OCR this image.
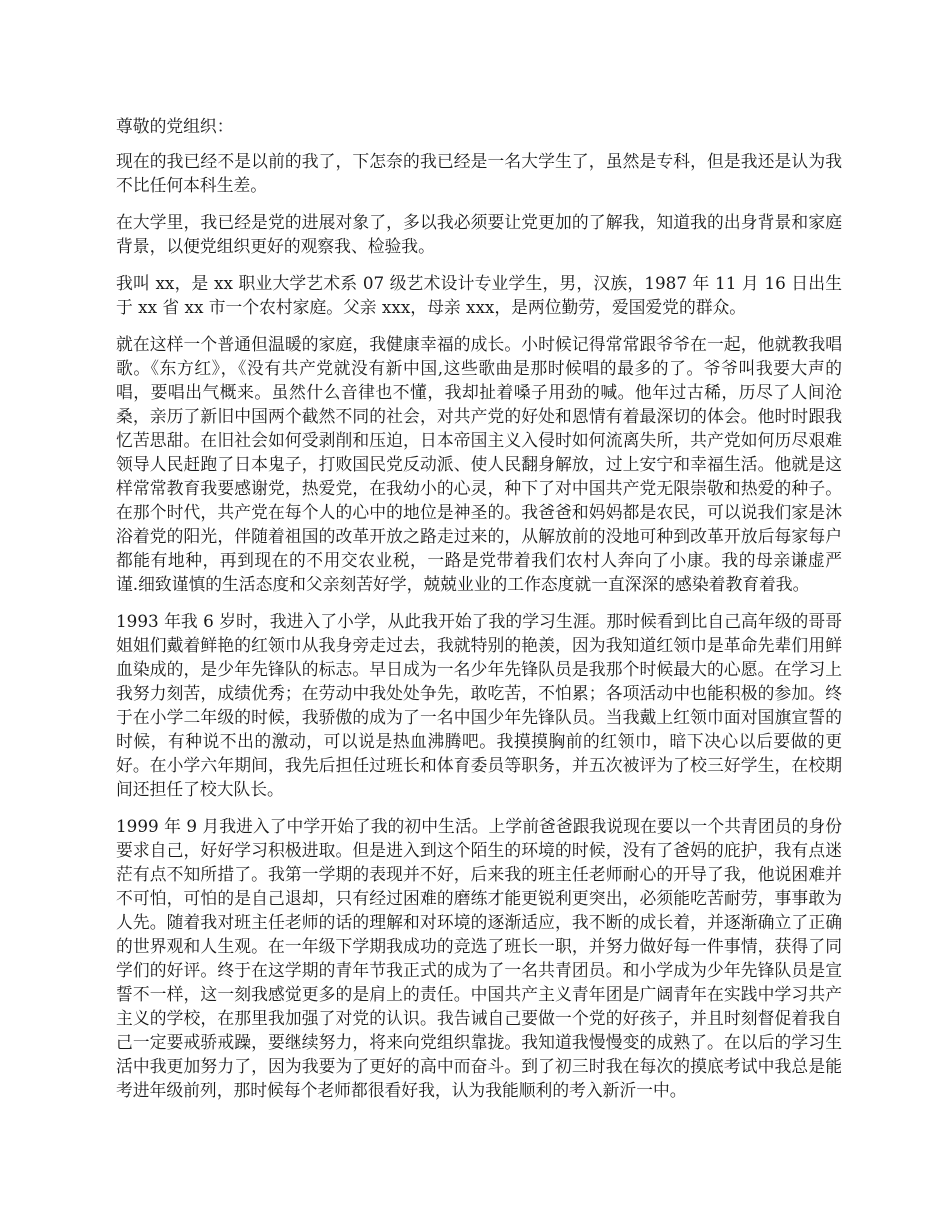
尊敬的党组织：

现在的我已经不是以前的我了，下怎奈的我已经是一名大学生了，虽然是专科，但是我还是认为我不比任何本科生差。

在大学里，我已经是党的进展对象了，多以我必须要让党更加的了解我，知道我的出身背景和家庭背景，以便党组织更好的观察我、检验我。

我叫 xx，是 xx 职业大学艺术系 07 级艺术设计专业学生，男，汉族，1987 年 11 月 16 日出生于 xx 省 xx 市一个农村家庭。父亲 xxx，母亲 xxx，是两位勤劳，爱国爱党的群众。

就在这样一个普通但温暖的家庭，我健康幸福的成长。小时候记得常常跟爷爷在一起，他就教我唱歌。《东方红》，《没有共产党就没有新中国,这些歌曲是那时候唱的最多的了。爷爷叫我要大声的唱，要唱出气概来。虽然什么音律也不懂，我却扯着嗓子用劲的喊。他年过古稀，历尽了人间沧桑，亲历了新旧中国两个截然不同的社会，对共产党的好处和恩情有着最深切的体会。他时时跟我忆苦思甜。在旧社会如何受剥削和压迫，日本帝国主义入侵时如何流离失所，共产党如何历尽艰难领导人民赶跑了日本鬼子，打败国民党反动派、使人民翻身解放，过上安宁和幸福生活。他就是这样常常教育我要感谢党，热爱党，在我幼小的心灵，种下了对中国共产党无限崇敬和热爱的种子。在那个时代，共产党在每个人的心中的地位是神圣的。我爸爸和妈妈都是农民，可以说我们家是沐浴着党的阳光，伴随着祖国的改革开放之路走过来的，从解放前的没地可种到改革开放后每家每户都能有地种，再到现在的不用交农业税，一路是党带着我们农村人奔向了小康。我的母亲谦虚严谨.细致谨慎的生活态度和父亲刻苦好学，兢兢业业的工作态度就一直深深的感染着教育着我。

1993 年我 6 岁时，我进入了小学，从此我开始了我的学习生涯。那时候看到比自己高年级的哥哥姐姐们戴着鲜艳的红领巾从我身旁走过去，我就特别的艳羡，因为我知道红领巾是革命先辈们用鲜血染成的，是少年先锋队的标志。早日成为一名少年先锋队员是我那个时候最大的心愿。在学习上我努力刻苦，成绩优秀；在劳动中我处处争先，敢吃苦，不怕累；各项活动中也能积极的参加。终于在小学二年级的时候，我骄傲的成为了一名中国少年先锋队员。当我戴上红领巾面对国旗宣誓的时候，有种说不出的激动，可以说是热血沸腾吧。我摸摸胸前的红领巾，暗下决心以后要做的更好。在小学六年期间，我先后担任过班长和体育委员等职务，并五次被评为了校三好学生，在校期间还担任了校大队长。

1999 年 9 月我进入了中学开始了我的初中生活。上学前爸爸跟我说现在要以一个共青团员的身份要求自己，好好学习积极进取。但是进入到这个陌生的环境的时候，没有了爸妈的庇护，我有点迷茫有点不知所措了。我第一学期的表现并不好，后来我的班主任老师耐心的开导了我，他说困难并不可怕，可怕的是自己退却，只有经过困难的磨练才能更锐利更突出，必须能吃苦耐劳，事事敢为人先。随着我对班主任老师的话的理解和对环境的逐渐适应，我不断的成长着，并逐渐确立了正确的世界观和人生观。在一年级下学期我成功的竞选了班长一职，并努力做好每一件事情，获得了同学们的好评。终于在这学期的青年节我正式的成为了一名共青团员。和小学成为少年先锋队员是宣誓不一样，这一刻我感觉更多的是肩上的责任。中国共产主义青年团是广阔青年在实践中学习共产主义的学校，在那里我加强了对党的认识。我告诫自己要做一个党的好孩子，并且时刻督促着我自己一定要戒骄戒躁，要继续努力，将来向党组织靠拢。我知道我慢慢变的成熟了。在以后的学习生活中我更加努力了，因为我要为了更好的高中而奋斗。到了初三时我在每次的摸底考试中我总是能考进年级前列，那时候每个老师都很看好我，认为我能顺利的考入新沂一中。
